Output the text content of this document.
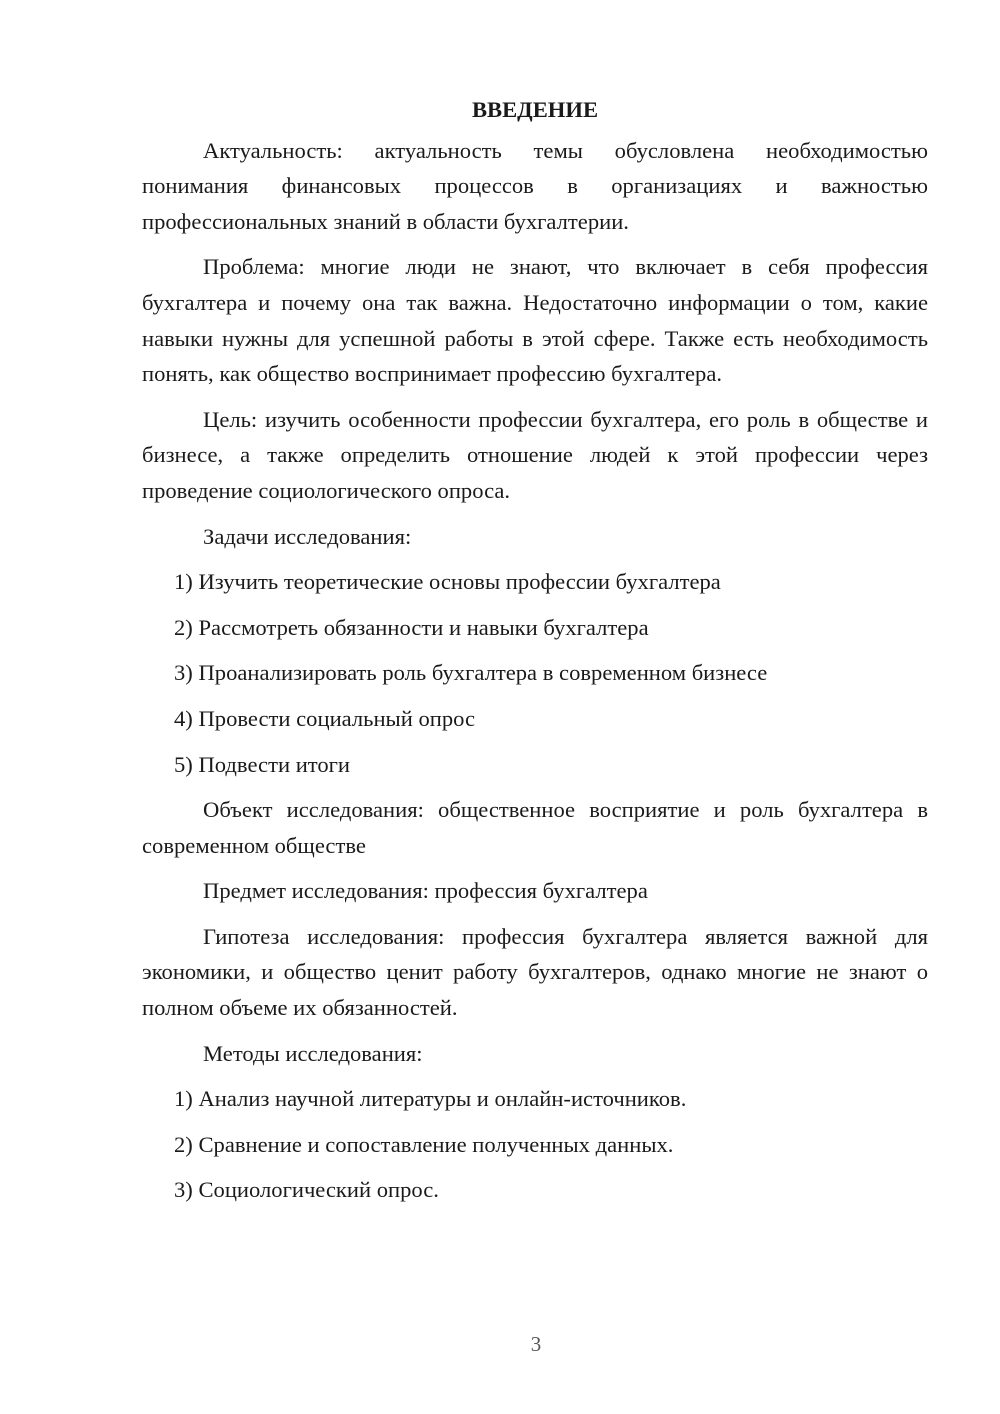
ВВЕДЕНИЕ

Актуальность: актуальность темы обусловлена необходимостью понимания финансовых процессов в организациях и важностью профессиональных знаний в области бухгалтерии.

Проблема: многие люди не знают, что включает в себя профессия бухгалтера и почему она так важна. Недостаточно информации о том, какие навыки нужны для успешной работы в этой сфере. Также есть необходимость понять, как общество воспринимает профессию бухгалтера.

Цель: изучить особенности профессии бухгалтера, его роль в обществе и бизнесе, а также определить отношение людей к этой профессии через проведение социологического опроса.

Задачи исследования:

1) Изучить теоретические основы профессии бухгалтера
2) Рассмотреть обязанности и навыки бухгалтера
3) Проанализировать роль бухгалтера в современном бизнесе
4) Провести социальный опрос
5) Подвести итоги

Объект исследования: общественное восприятие и роль бухгалтера в современном обществе

Предмет исследования: профессия бухгалтера

Гипотеза исследования: профессия бухгалтера является важной для экономики, и общество ценит работу бухгалтеров, однако многие не знают о полном объеме их обязанностей.

Методы исследования:

1) Анализ научной литературы и онлайн-источников.
2) Сравнение и сопоставление полученных данных.
3) Социологический опрос.
3
